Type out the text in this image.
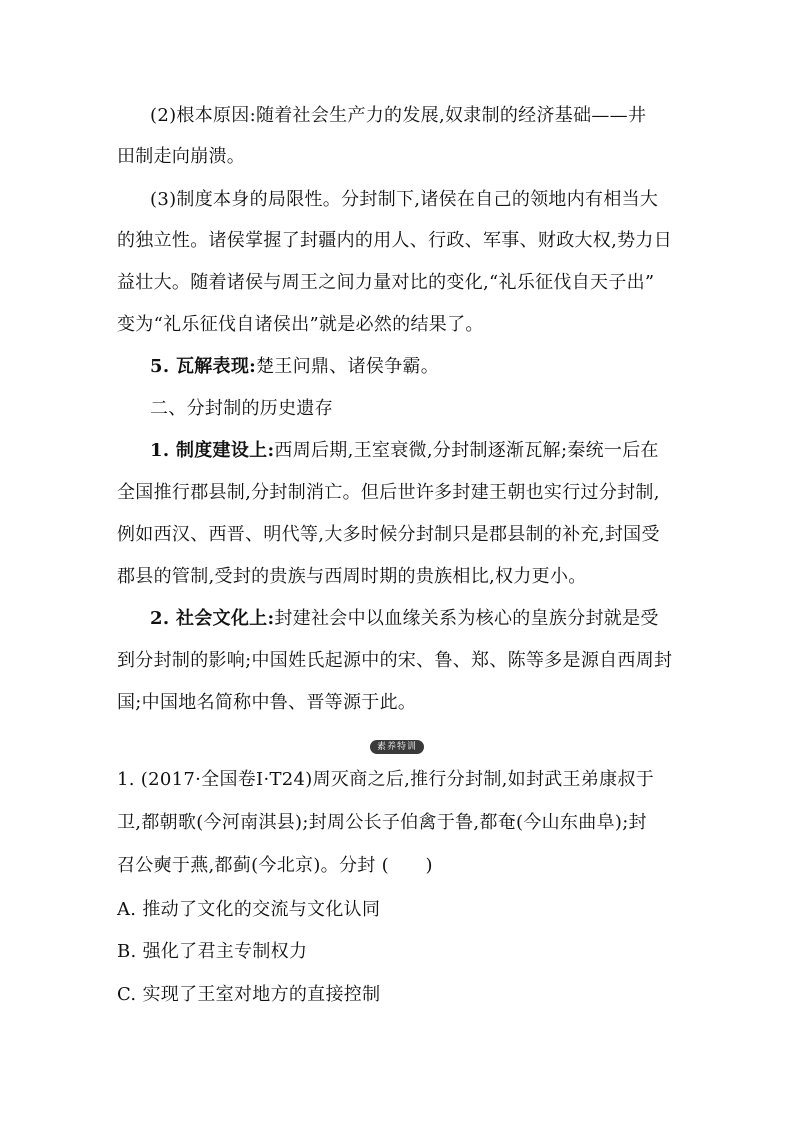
(2)根本原因:随着社会生产力的发展,奴隶制的经济基础——井
田制走向崩溃。
(3)制度本身的局限性。分封制下,诸侯在自己的领地内有相当大
的独立性。诸侯掌握了封疆内的用人、行政、军事、财政大权,势力日
益壮大。随着诸侯与周王之间力量对比的变化,“礼乐征伐自天子出”
变为“礼乐征伐自诸侯出”就是必然的结果了。
5. 瓦解表现:楚王问鼎、诸侯争霸。
二、分封制的历史遗存
1. 制度建设上:西周后期,王室衰微,分封制逐渐瓦解;秦统一后在
全国推行郡县制,分封制消亡。但后世许多封建王朝也实行过分封制,
例如西汉、西晋、明代等,大多时候分封制只是郡县制的补充,封国受
郡县的管制,受封的贵族与西周时期的贵族相比,权力更小。
2. 社会文化上:封建社会中以血缘关系为核心的皇族分封就是受
到分封制的影响;中国姓氏起源中的宋、鲁、郑、陈等多是源自西周封
国;中国地名简称中鲁、晋等源于此。
素养特训
1. (2017·全国卷Ⅰ·T24)周灭商之后,推行分封制,如封武王弟康叔于
卫,都朝歌(今河南淇县);封周公长子伯禽于鲁,都奄(今山东曲阜);封
召公奭于燕,都蓟(今北京)。分封 (　　)
A. 推动了文化的交流与文化认同
B. 强化了君主专制权力
C. 实现了王室对地方的直接控制
